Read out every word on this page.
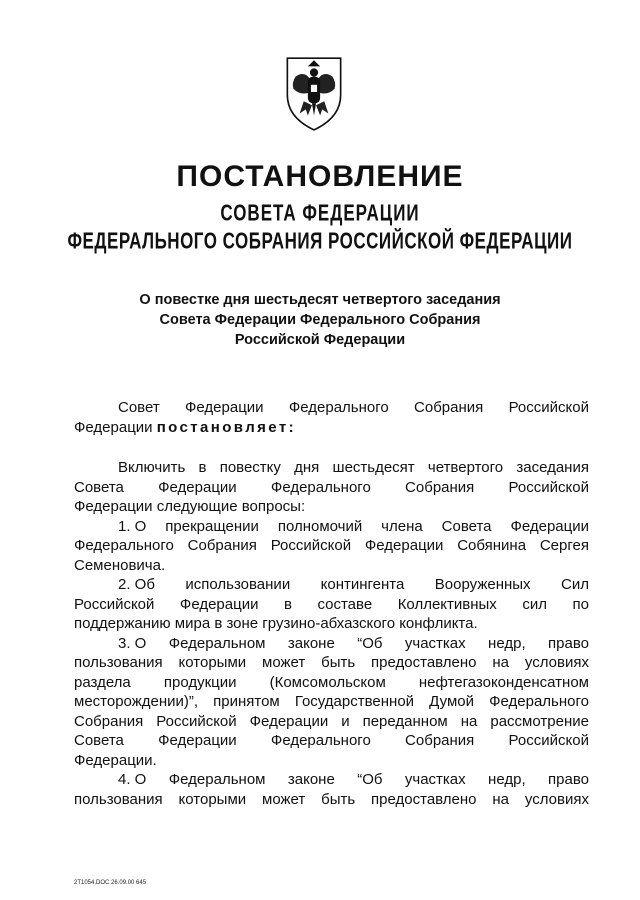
ПОСТАНОВЛЕНИЕ
СОВЕТА ФЕДЕРАЦИИ
ФЕДЕРАЛЬНОГО СОБРАНИЯ РОССИЙСКОЙ ФЕДЕРАЦИИ
О повестке дня шестьдесят четвертого заседания
Совета Федерации Федерального Собрания
Российской Федерации
Совет Федерации Федерального Собрания Российской
Федерации постановляет:
Включить в повестку дня шестьдесят четвертого заседания
Совета Федерации Федерального Собрания Российской
Федерации следующие вопросы:
1. О прекращении полномочий члена Совета Федерации
Федерального Собрания Российской Федерации Собянина Сергея
Семеновича.
2. Об использовании контингента Вооруженных Сил
Российской Федерации в составе Коллективных сил по
поддержанию мира в зоне грузино-абхазского конфликта.
3. О Федеральном законе “Об участках недр, право
пользования которыми может быть предоставлено на условиях
раздела продукции (Комсомольском нефтегазоконденсатном
месторождении)”, принятом Государственной Думой Федерального
Собрания Российской Федерации и переданном на рассмотрение
Совета Федерации Федерального Собрания Российской
Федерации.
4. О Федеральном законе “Об участках недр, право
пользования которыми может быть предоставлено на условиях
2Т1054.DOC 26.09.00 645
